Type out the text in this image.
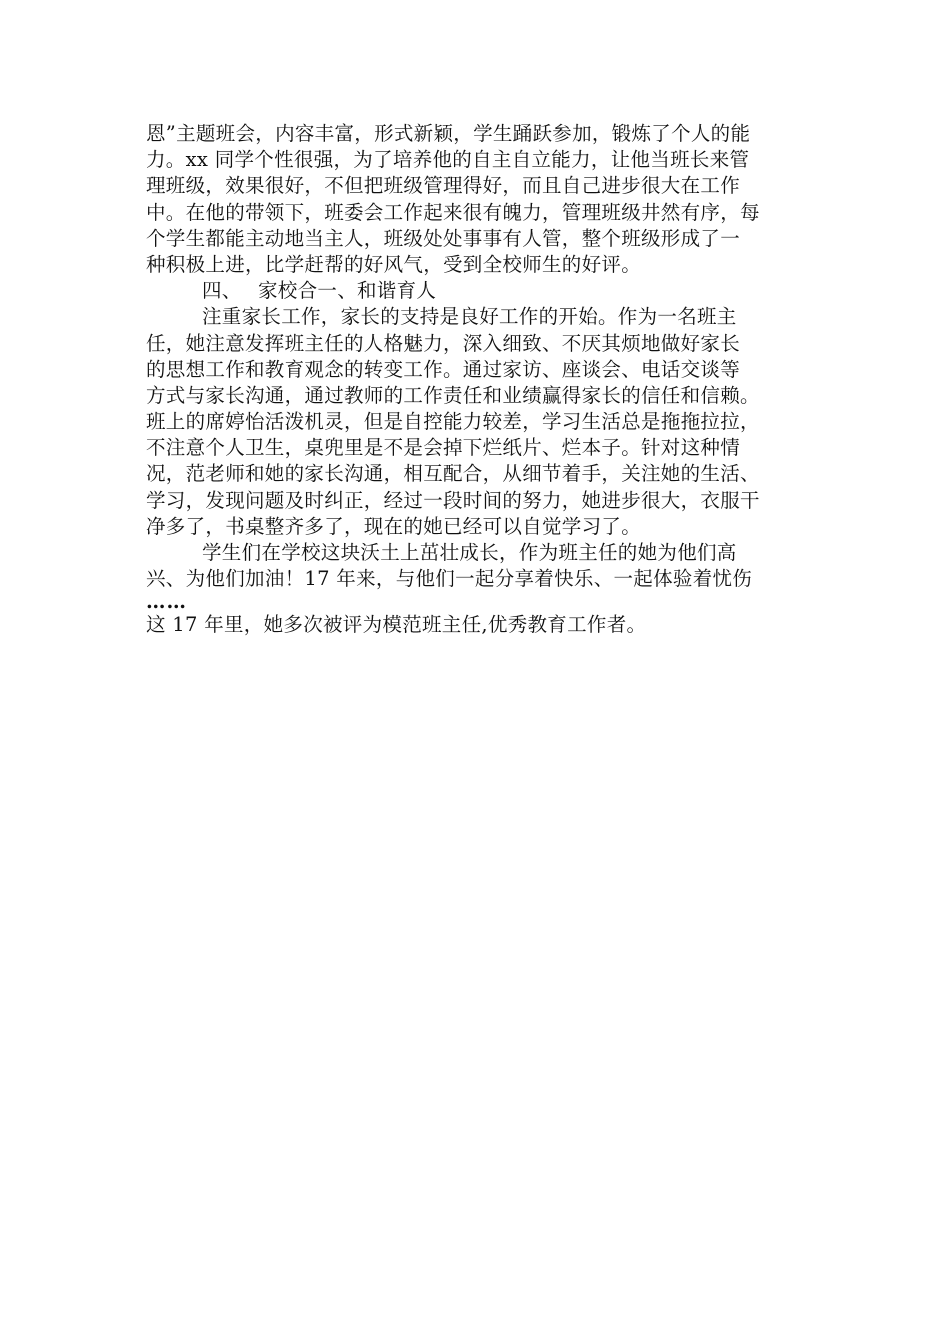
恩”主题班会，内容丰富，形式新颖，学生踊跃参加，锻炼了个人的能
力。xx 同学个性很强，为了培养他的自主自立能力，让他当班长来管
理班级，效果很好，不但把班级管理得好，而且自己进步很大在工作
中。在他的带领下，班委会工作起来很有魄力，管理班级井然有序，每
个学生都能主动地当主人，班级处处事事有人管，整个班级形成了一
种积极上进，比学赶帮的好风气，受到全校师生的好评。
四、 家校合一、和谐育人
注重家长工作，家长的支持是良好工作的开始。作为一名班主
任，她注意发挥班主任的人格魅力，深入细致、不厌其烦地做好家长
的思想工作和教育观念的转变工作。通过家访、座谈会、电话交谈等
方式与家长沟通，通过教师的工作责任和业绩赢得家长的信任和信赖。
班上的席婷怡活泼机灵，但是自控能力较差，学习生活总是拖拖拉拉，
不注意个人卫生，桌兜里是不是会掉下烂纸片、烂本子。针对这种情
况，范老师和她的家长沟通，相互配合，从细节着手，关注她的生活、
学习，发现问题及时纠正，经过一段时间的努力，她进步很大，衣服干
净多了，书桌整齐多了，现在的她已经可以自觉学习了。
学生们在学校这块沃土上茁壮成长，作为班主任的她为他们高
兴、为他们加油！17 年来，与他们一起分享着快乐、一起体验着忧伤
……
这 17 年里，她多次被评为模范班主任,优秀教育工作者。
